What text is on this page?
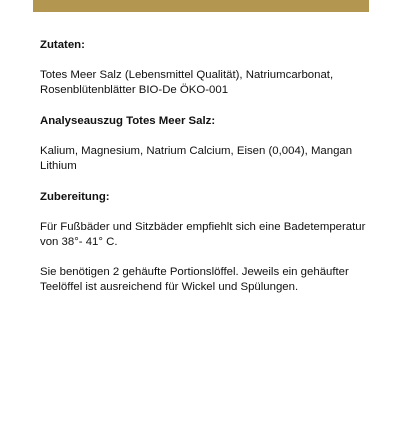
Zutaten:
Totes Meer Salz (Lebensmittel Qualität), Natriumcarbonat, Rosenblütenblätter BIO-De ÖKO-001
Analyseauszug Totes Meer Salz:
Kalium, Magnesium, Natrium Calcium, Eisen (0,004), Mangan Lithium
Zubereitung:
Für Fußbäder und Sitzbäder empfiehlt sich eine Badetemperatur von 38°- 41° C.
Sie benötigen 2 gehäufte Portionslöffel. Jeweils ein gehäufter Teelöffel ist ausreichend für Wickel und Spülungen.
